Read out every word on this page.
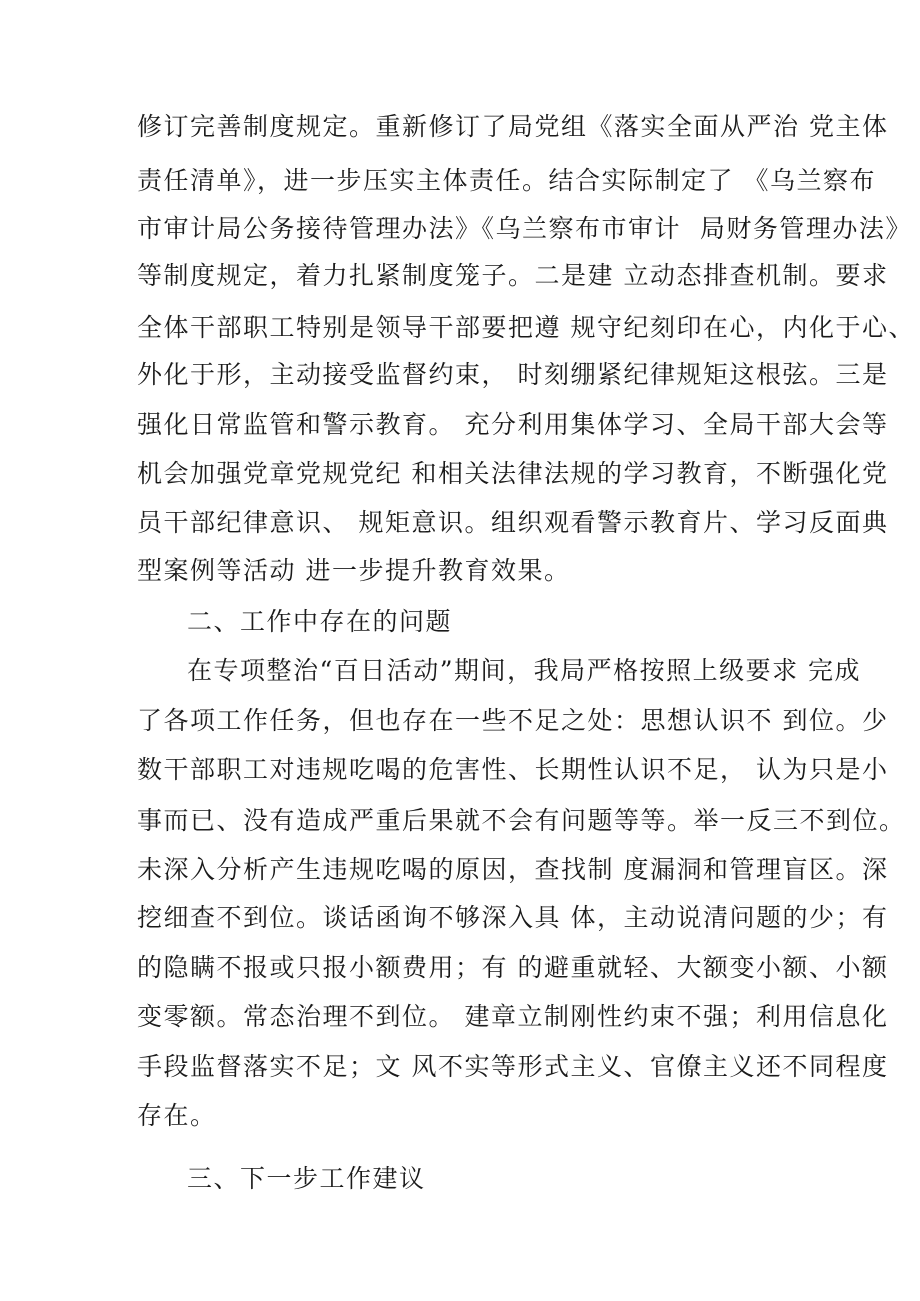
修订完善制度规定。重新修订了局党组《落实全面从严治 党主体
责任清单》，进一步压实主体责任。结合实际制定了 《乌兰察布
市审计局公务接待管理办法》《乌兰察布市审计  局财务管理办法》
等制度规定，着力扎紧制度笼子。二是建 立动态排查机制。要求
全体干部职工特别是领导干部要把遵 规守纪刻印在心，内化于心、
外化于形，主动接受监督约束， 时刻绷紧纪律规矩这根弦。三是
强化日常监管和警示教育。 充分利用集体学习、全局干部大会等
机会加强党章党规党纪 和相关法律法规的学习教育，不断强化党
员干部纪律意识、 规矩意识。组织观看警示教育片、学习反面典
型案例等活动 进一步提升教育效果。
二、工作中存在的问题
在专项整治“百日活动”期间，我局严格按照上级要求 完成
了各项工作任务，但也存在一些不足之处：思想认识不 到位。少
数干部职工对违规吃喝的危害性、长期性认识不足， 认为只是小
事而已、没有造成严重后果就不会有问题等等。举一反三不到位。
未深入分析产生违规吃喝的原因，查找制 度漏洞和管理盲区。深
挖细查不到位。谈话函询不够深入具 体，主动说清问题的少；有
的隐瞒不报或只报小额费用；有 的避重就轻、大额变小额、小额
变零额。常态治理不到位。 建章立制刚性约束不强；利用信息化
手段监督落实不足；文 风不实等形式主义、官僚主义还不同程度
存在。
三、下一步工作建议
